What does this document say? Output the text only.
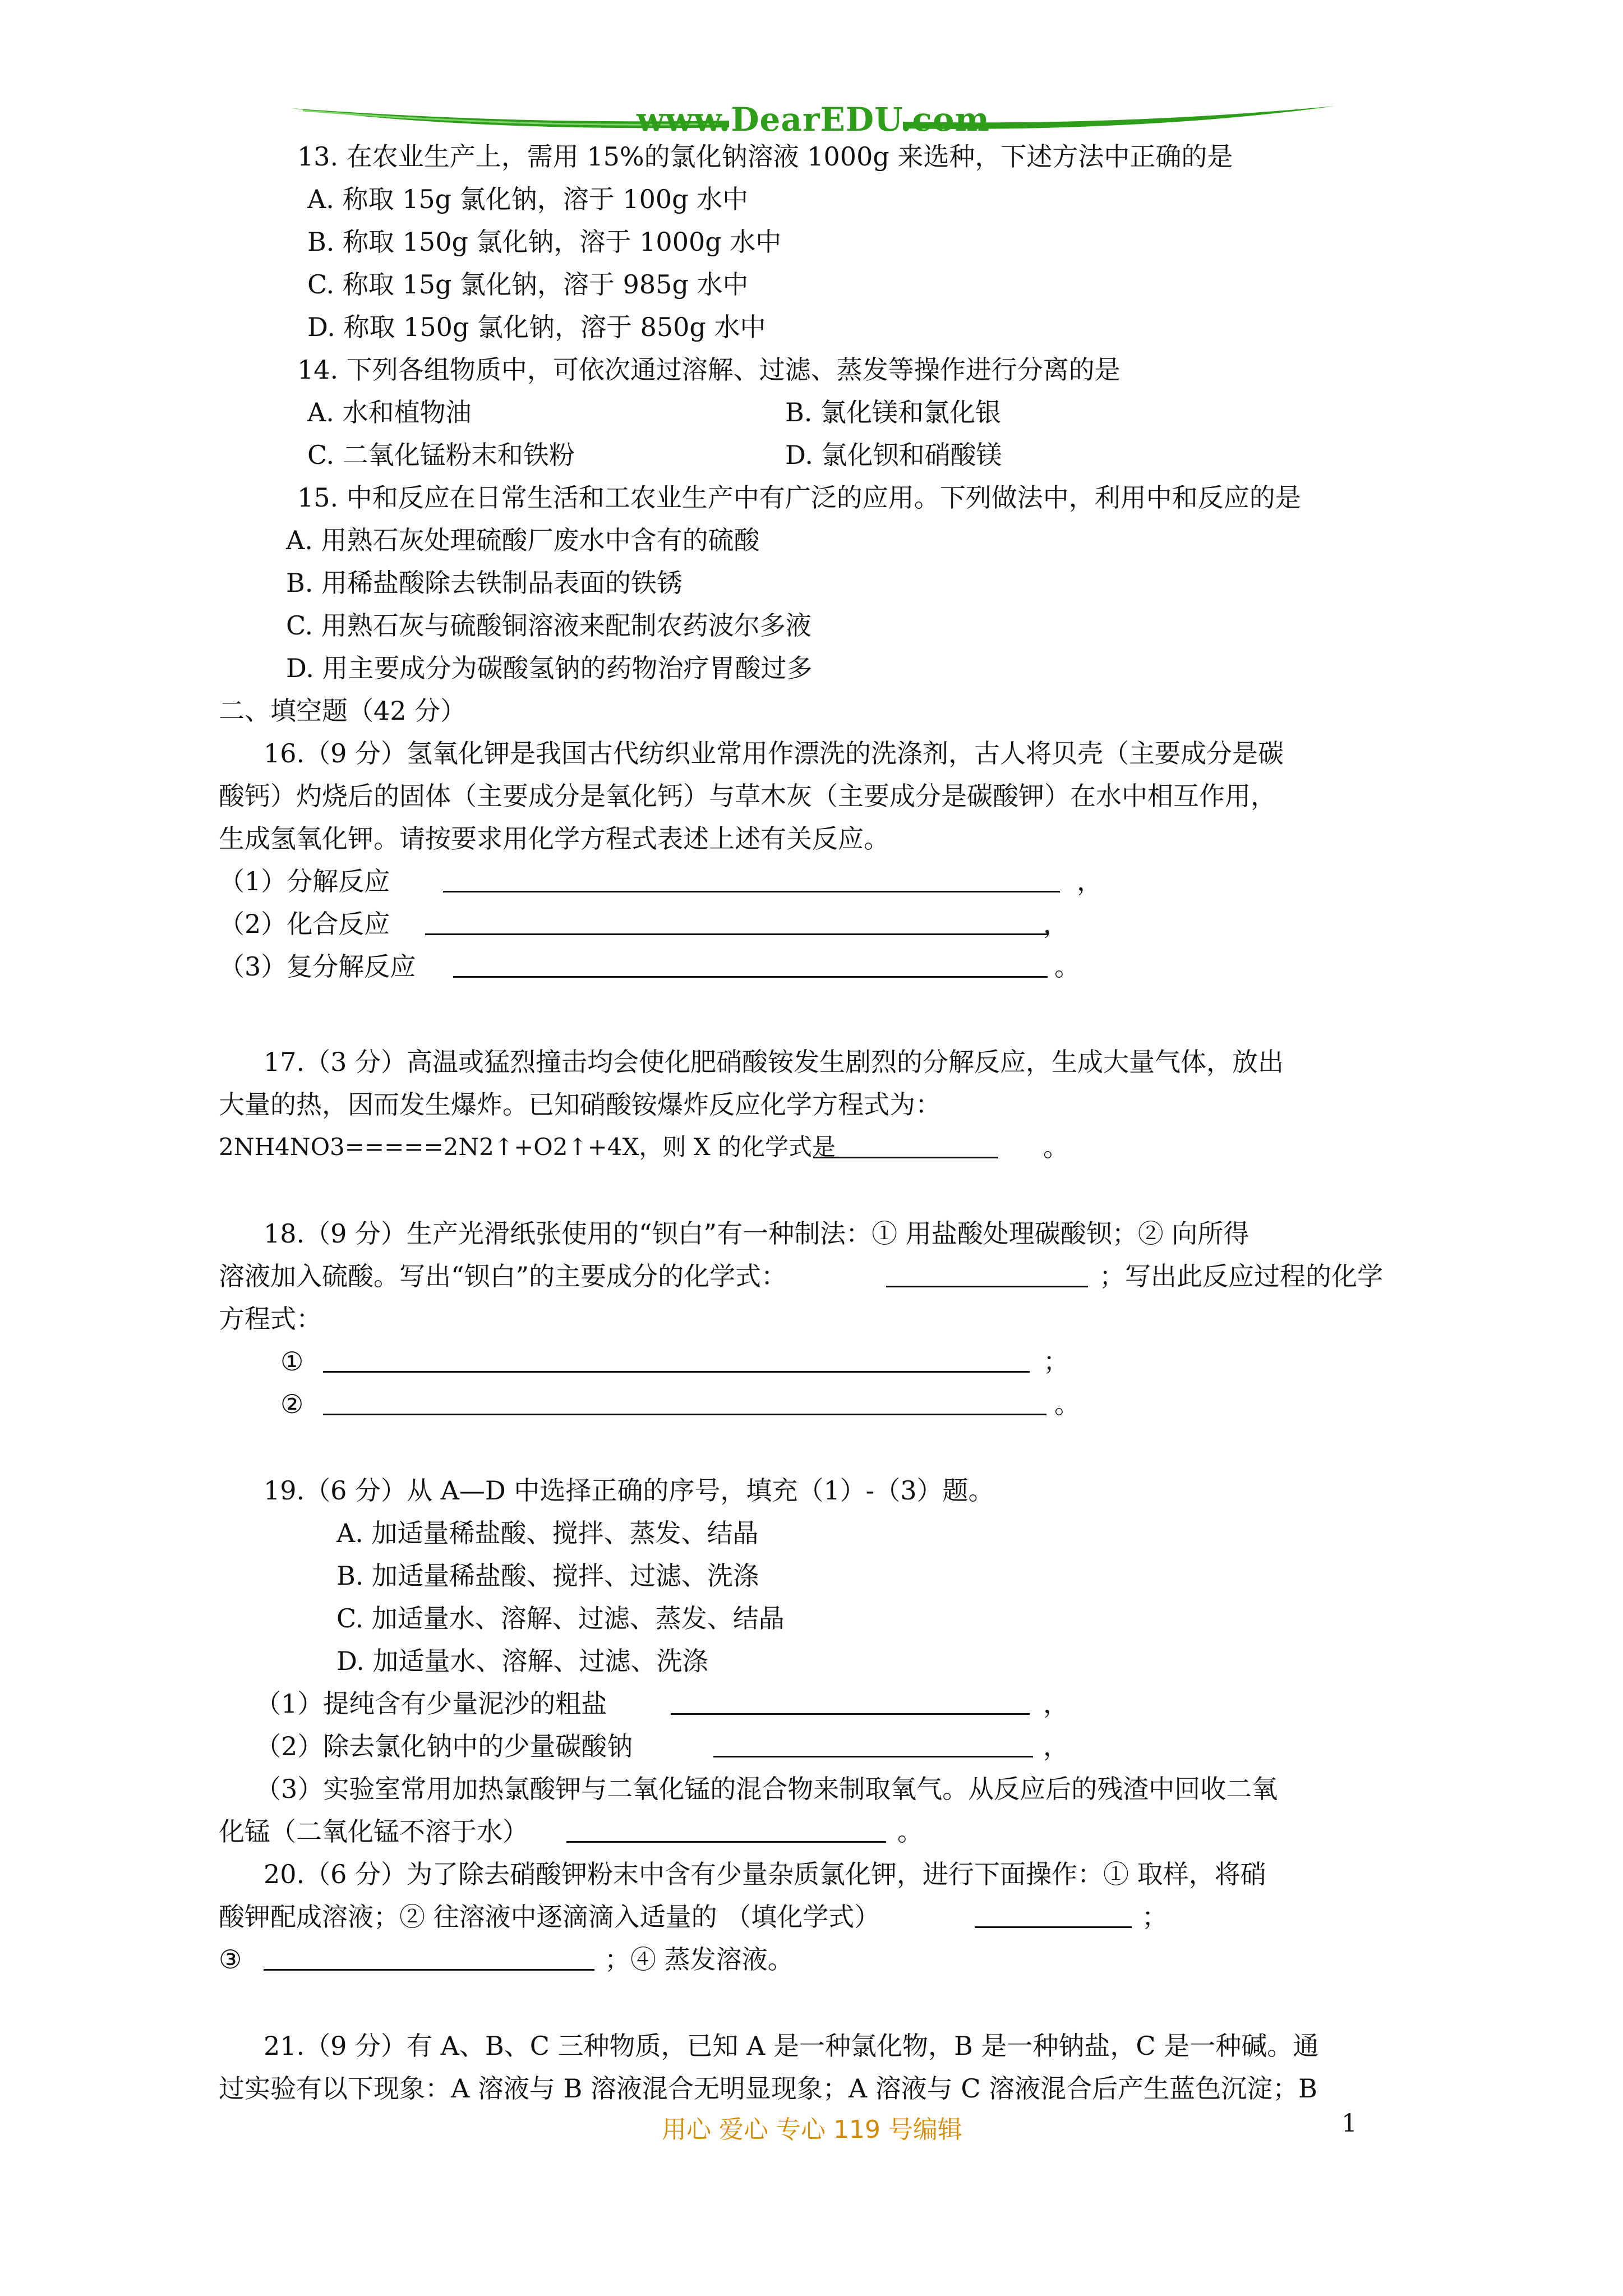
www.DearEDU.com
13. 在农业生产上，需用 15%的氯化钠溶液 1000g 来选种，下述方法中正确的是
A. 称取 15g 氯化钠，溶于 100g 水中
B. 称取 150g 氯化钠，溶于 1000g 水中
C. 称取 15g 氯化钠，溶于 985g 水中
D. 称取 150g 氯化钠，溶于 850g 水中
14. 下列各组物质中，可依次通过溶解、过滤、蒸发等操作进行分离的是
A. 水和植物油	B. 氯化镁和氯化银
C. 二氧化锰粉末和铁粉	D. 氯化钡和硝酸镁
15. 中和反应在日常生活和工农业生产中有广泛的应用。下列做法中，利用中和反应的是
A. 用熟石灰处理硫酸厂废水中含有的硫酸
B. 用稀盐酸除去铁制品表面的铁锈
C. 用熟石灰与硫酸铜溶液来配制农药波尔多液
D. 用主要成分为碳酸氢钠的药物治疗胃酸过多
二、填空题（42 分）
16.（9 分）氢氧化钾是我国古代纺织业常用作漂洗的洗涤剂，古人将贝壳（主要成分是碳
酸钙）灼烧后的固体（主要成分是氧化钙）与草木灰（主要成分是碳酸钾）在水中相互作用，
生成氢氧化钾。请按要求用化学方程式表述上述有关反应。
（1）分解反应	，
（2）化合反应	，
（3）复分解反应	。
17.（3 分）高温或猛烈撞击均会使化肥硝酸铵发生剧烈的分解反应，生成大量气体，放出
大量的热，因而发生爆炸。已知硝酸铵爆炸反应化学方程式为：
2NH4NO3=====2N2↑+O2↑+4X，则 X 的化学式是	。
18.（9 分）生产光滑纸张使用的“钡白”有一种制法：① 用盐酸处理碳酸钡；② 向所得
溶液加入硫酸。写出“钡白”的主要成分的化学式：	；写出此反应过程的化学
方程式：
①	；
②	。
19.（6 分）从 A—D 中选择正确的序号，填充（1）-（3）题。
A. 加适量稀盐酸、搅拌、蒸发、结晶
B. 加适量稀盐酸、搅拌、过滤、洗涤
C. 加适量水、溶解、过滤、蒸发、结晶
D. 加适量水、溶解、过滤、洗涤
（1）提纯含有少量泥沙的粗盐	，
（2）除去氯化钠中的少量碳酸钠	，
（3）实验室常用加热氯酸钾与二氧化锰的混合物来制取氧气。从反应后的残渣中回收二氧
化锰（二氧化锰不溶于水）	。
20.（6 分）为了除去硝酸钾粉末中含有少量杂质氯化钾，进行下面操作：① 取样，将硝
酸钾配成溶液；② 往溶液中逐滴滴入适量的 （填化学式）	；
③	；④ 蒸发溶液。
21.（9 分）有 A、B、C 三种物质，已知 A 是一种氯化物，B 是一种钠盐，C 是一种碱。通
过实验有以下现象：A 溶液与 B 溶液混合无明显现象；A 溶液与 C 溶液混合后产生蓝色沉淀；B
用心 爱心 专心 119 号编辑	1
